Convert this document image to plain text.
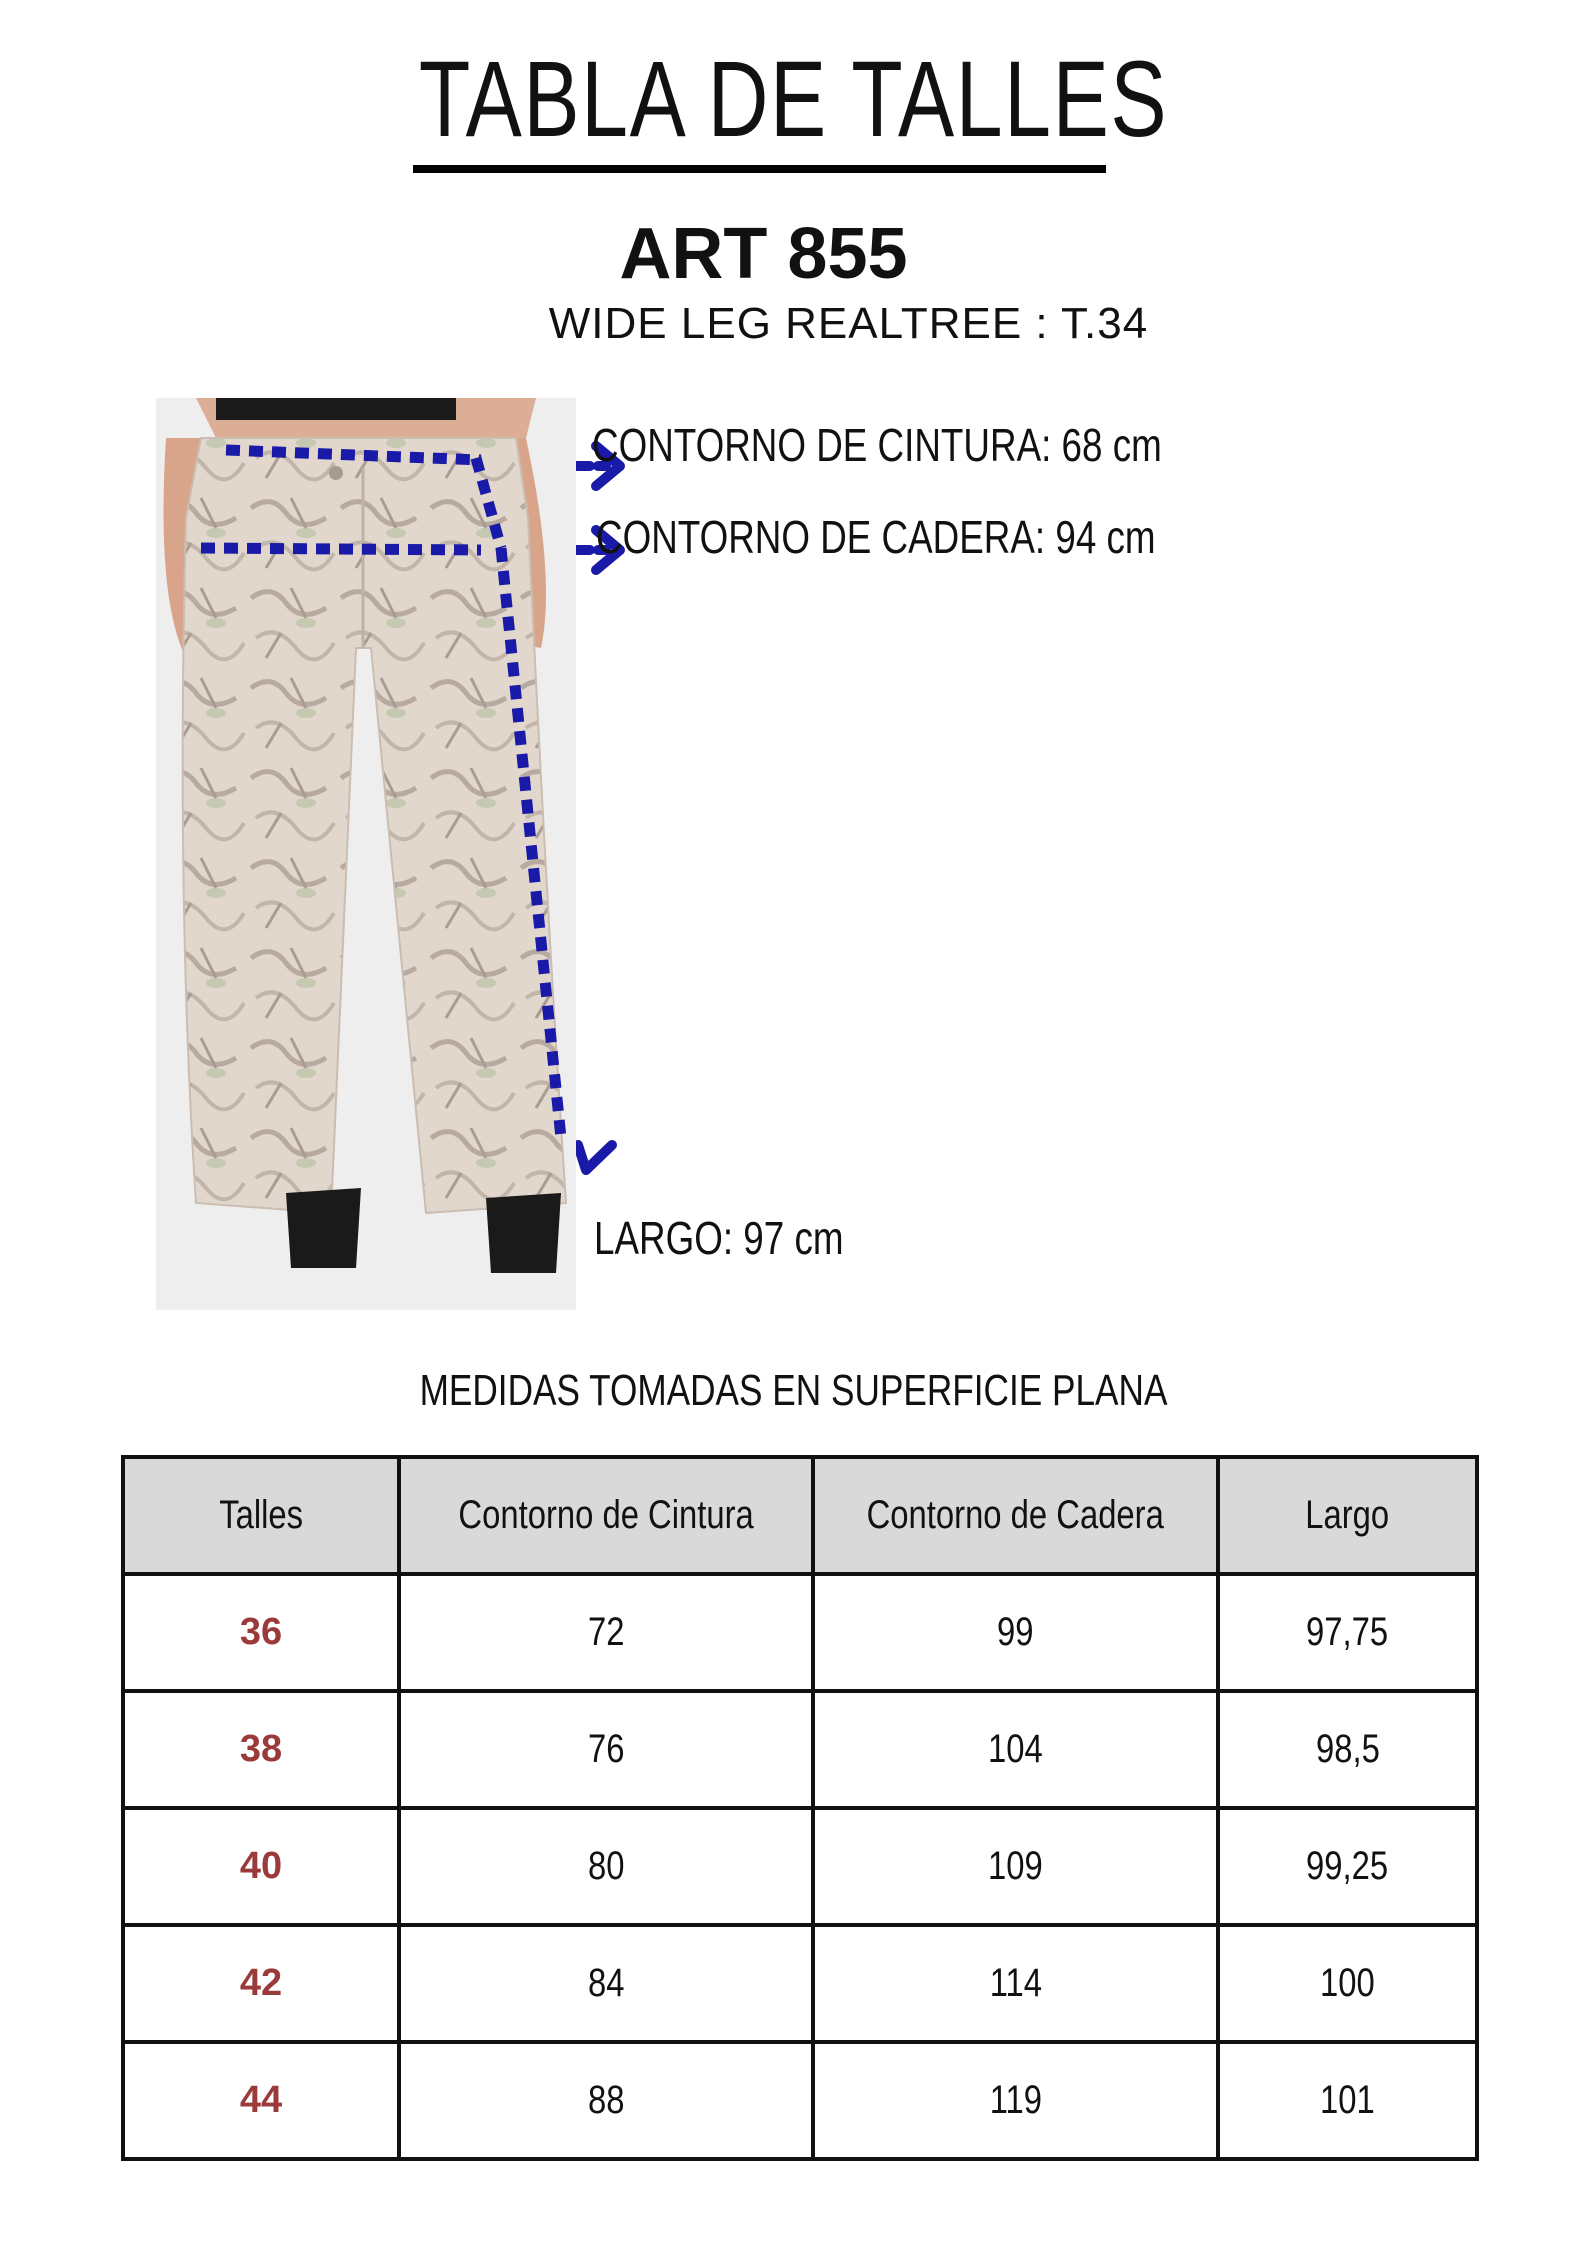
TABLA DE TALLES
ART 855
WIDE LEG REALTREE : T.34
CONTORNO DE CINTURA: 68 cm
CONTORNO DE CADERA: 94 cm
LARGO: 97 cm
MEDIDAS TOMADAS EN SUPERFICIE PLANA
Talles	Contorno de Cintura	Contorno de Cadera	Largo
36	72	99	97,75
38	76	104	98,5
40	80	109	99,25
42	84	114	100
44	88	119	101
